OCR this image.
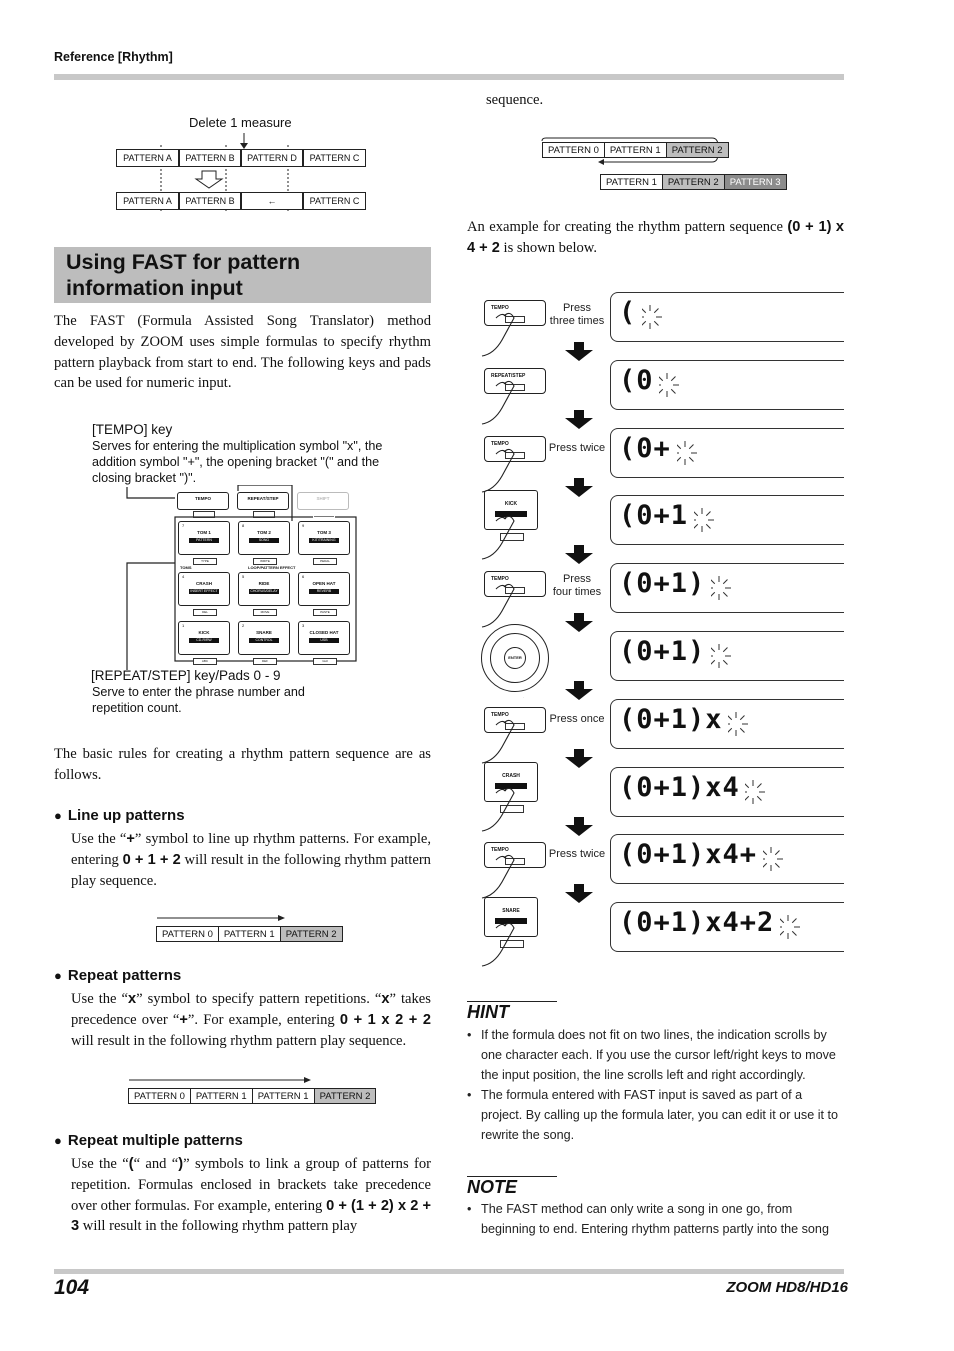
Reference [Rhythm]
Delete 1 measure
PATTERN A	PATTERN B	PATTERN D	PATTERN C
PATTERN A	PATTERN B	←	PATTERN C
Using FAST for pattern
information input
The FAST (Formula Assisted Song Translator) method developed by ZOOM uses simple formulas to specify rhythm pattern playback from start to end. The following keys and pads can be used for numeric input.
[TEMPO] key
Serves for entering the multiplication symbol "x", the addition symbol "+", the opening bracket "(" and the closing bracket ")".
TEMPO	REPEAT/STEP	SHIFT
TOMS	LOOP/PATTERN EFFECT
7
TOM 1
PATTERN
TYPE
8
TOM 2
SONG
WRITE
9
TOM 3
KIT/TRAINING
PEDAL
4
CRASH
INSERT EFFECT
DEL
5
RIDE
CHORUS/DELAY
MOVE
6
OPEN HAT
REVERB
PASTE
1
KICK
CD-R/RW
ABC
2
SNARE
CONTROL SURFACE
DEF
3
CLOSED HAT
USB
GHI
[REPEAT/STEP] key/Pads 0 - 9
Serve to enter the phrase number and repetition count.
The basic rules for creating a rhythm pattern sequence are as follows.
● Line up patterns
Use the “+” symbol to line up rhythm patterns. For example, entering 0 + 1 + 2 will result in the following rhythm pattern play sequence.
PATTERN 0	PATTERN 1	PATTERN 2
● Repeat patterns
Use the “x” symbol to specify pattern repetitions. “x” takes precedence over “+”. For example, entering 0 + 1 x 2 + 2 will result in the following rhythm pattern play sequence.
PATTERN 0	PATTERN 1	PATTERN 1	PATTERN 2
● Repeat multiple patterns
Use the “(“ and “)” symbols to link a group of patterns for repetition. Formulas enclosed in brackets take precedence over other formulas. For example, entering 0 + (1 + 2) x 2 + 3 will result in the following rhythm pattern play
sequence.
PATTERN 0	PATTERN 1	PATTERN 2
PATTERN 1	PATTERN 2	PATTERN 3
An example for creating the rhythm pattern sequence (0 + 1) x 4 + 2 is shown below.
(
TEMPO	Press
three times
(0
REPEAT/STEP
(0+
TEMPO	Press twice
(0+1
KICK
(0+1)
TEMPO	Press
four times
(0+1)
ENTER
(0+1)x
TEMPO	Press once
(0+1)x4
CRASH
(0+1)x4+
TEMPO	Press twice
(0+1)x4+2
SNARE
HINT
• If the formula does not fit on two lines, the indication scrolls by one character each. If you use the cursor left/right keys to move the input position, the line scrolls left and right accordingly.
• The formula entered with FAST input is saved as part of a project. By calling up the formula later, you can edit it or use it to rewrite the song.
NOTE
• The FAST method can only write a song in one go, from beginning to end. Entering rhythm patterns partly into the song
104	ZOOM HD8/HD16
